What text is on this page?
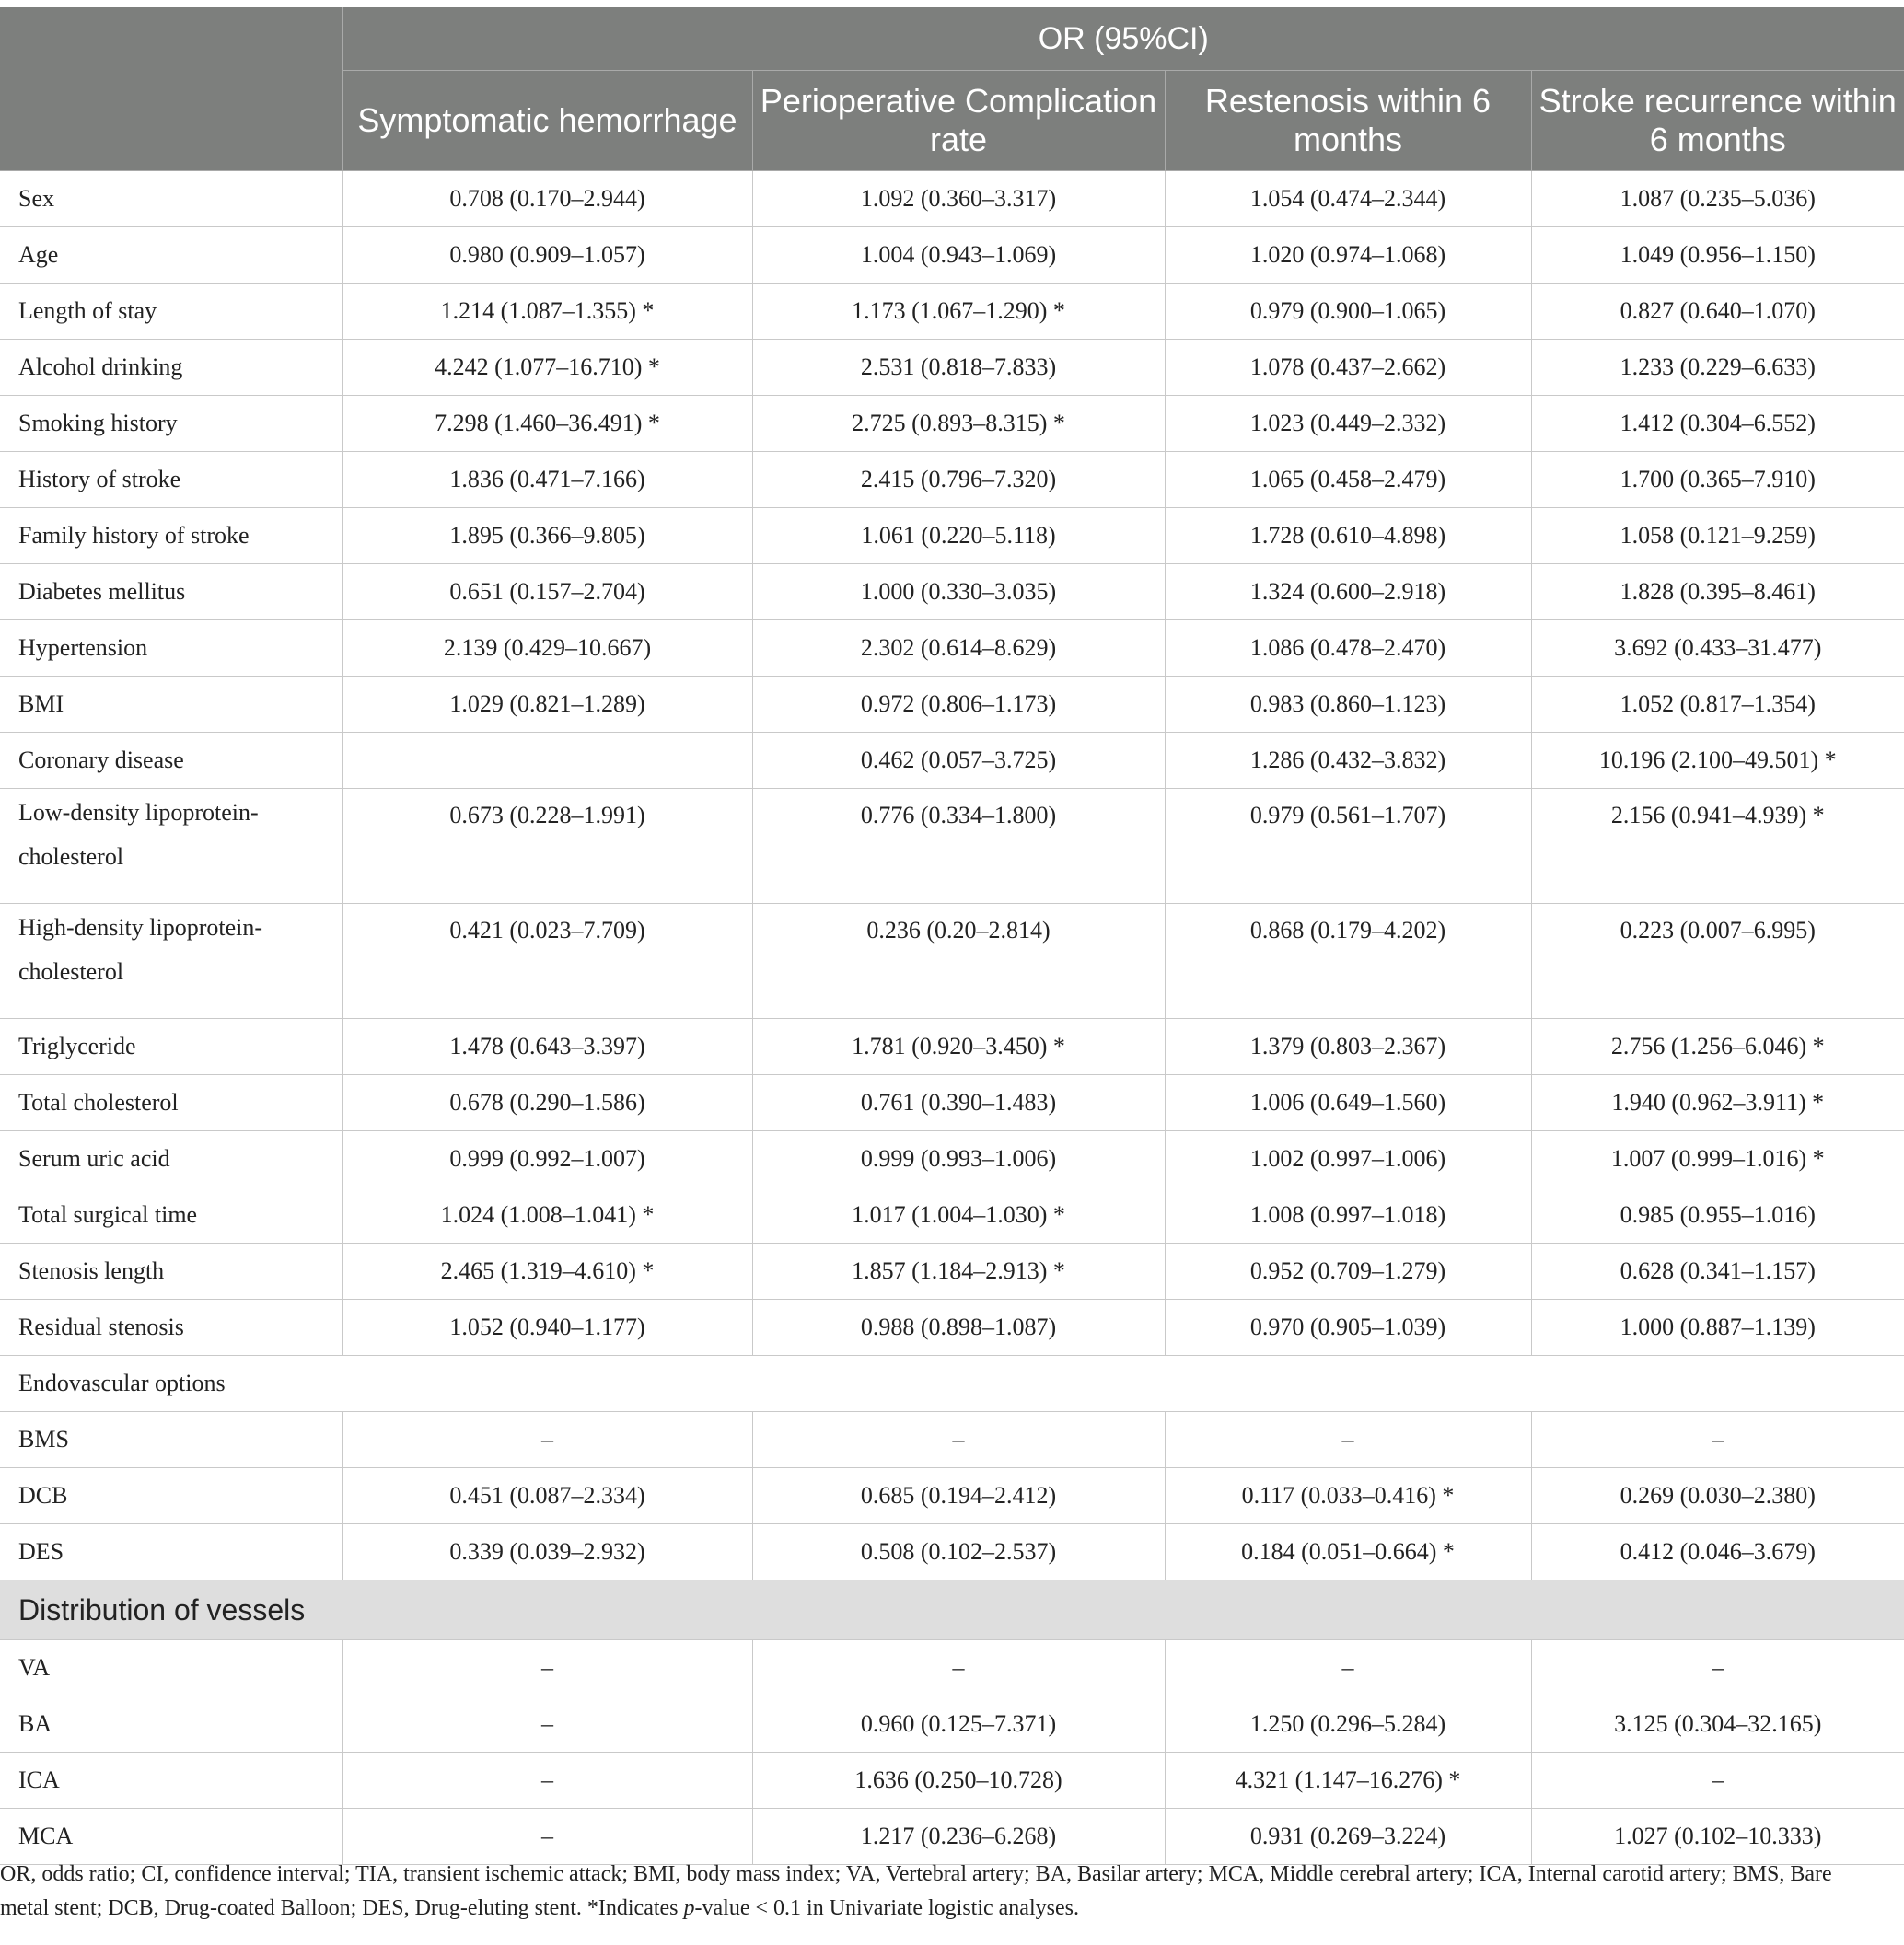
	OR (95%CI)			
	Symptomatic hemorrhage	Perioperative Complication rate	Restenosis within 6 months	Stroke recurrence within 6 months
Sex	0.708 (0.170–2.944)	1.092 (0.360–3.317)	1.054 (0.474–2.344)	1.087 (0.235–5.036)
Age	0.980 (0.909–1.057)	1.004 (0.943–1.069)	1.020 (0.974–1.068)	1.049 (0.956–1.150)
Length of stay	1.214 (1.087–1.355) *	1.173 (1.067–1.290) *	0.979 (0.900–1.065)	0.827 (0.640–1.070)
Alcohol drinking	4.242 (1.077–16.710) *	2.531 (0.818–7.833)	1.078 (0.437–2.662)	1.233 (0.229–6.633)
Smoking history	7.298 (1.460–36.491) *	2.725 (0.893–8.315) *	1.023 (0.449–2.332)	1.412 (0.304–6.552)
History of stroke	1.836 (0.471–7.166)	2.415 (0.796–7.320)	1.065 (0.458–2.479)	1.700 (0.365–7.910)
Family history of stroke	1.895 (0.366–9.805)	1.061 (0.220–5.118)	1.728 (0.610–4.898)	1.058 (0.121–9.259)
Diabetes mellitus	0.651 (0.157–2.704)	1.000 (0.330–3.035)	1.324 (0.600–2.918)	1.828 (0.395–8.461)
Hypertension	2.139 (0.429–10.667)	2.302 (0.614–8.629)	1.086 (0.478–2.470)	3.692 (0.433–31.477)
BMI	1.029 (0.821–1.289)	0.972 (0.806–1.173)	0.983 (0.860–1.123)	1.052 (0.817–1.354)
Coronary disease		0.462 (0.057–3.725)	1.286 (0.432–3.832)	10.196 (2.100–49.501) *
Low-density lipoprotein-cholesterol	0.673 (0.228–1.991)	0.776 (0.334–1.800)	0.979 (0.561–1.707)	2.156 (0.941–4.939) *
High-density lipoprotein-cholesterol	0.421 (0.023–7.709)	0.236 (0.20–2.814)	0.868 (0.179–4.202)	0.223 (0.007–6.995)
Triglyceride	1.478 (0.643–3.397)	1.781 (0.920–3.450) *	1.379 (0.803–2.367)	2.756 (1.256–6.046) *
Total cholesterol	0.678 (0.290–1.586)	0.761 (0.390–1.483)	1.006 (0.649–1.560)	1.940 (0.962–3.911) *
Serum uric acid	0.999 (0.992–1.007)	0.999 (0.993–1.006)	1.002 (0.997–1.006)	1.007 (0.999–1.016) *
Total surgical time	1.024 (1.008–1.041) *	1.017 (1.004–1.030) *	1.008 (0.997–1.018)	0.985 (0.955–1.016)
Stenosis length	2.465 (1.319–4.610) *	1.857 (1.184–2.913) *	0.952 (0.709–1.279)	0.628 (0.341–1.157)
Residual stenosis	1.052 (0.940–1.177)	0.988 (0.898–1.087)	0.970 (0.905–1.039)	1.000 (0.887–1.139)
Endovascular options				
BMS	–	–	–	–
DCB	0.451 (0.087–2.334)	0.685 (0.194–2.412)	0.117 (0.033–0.416) *	0.269 (0.030–2.380)
DES	0.339 (0.039–2.932)	0.508 (0.102–2.537)	0.184 (0.051–0.664) *	0.412 (0.046–3.679)
Distribution of vessels				
VA	–	–	–	–
BA	–	0.960 (0.125–7.371)	1.250 (0.296–5.284)	3.125 (0.304–32.165)
ICA	–	1.636 (0.250–10.728)	4.321 (1.147–16.276) *	–
MCA	–	1.217 (0.236–6.268)	0.931 (0.269–3.224)	1.027 (0.102–10.333)
OR, odds ratio; CI, confidence interval; TIA, transient ischemic attack; BMI, body mass index; VA, Vertebral artery; BA, Basilar artery; MCA, Middle cerebral artery; ICA, Internal carotid artery; BMS, Bare metal stent; DCB, Drug-coated Balloon; DES, Drug-eluting stent. *Indicates p-value < 0.1 in Univariate logistic analyses.
